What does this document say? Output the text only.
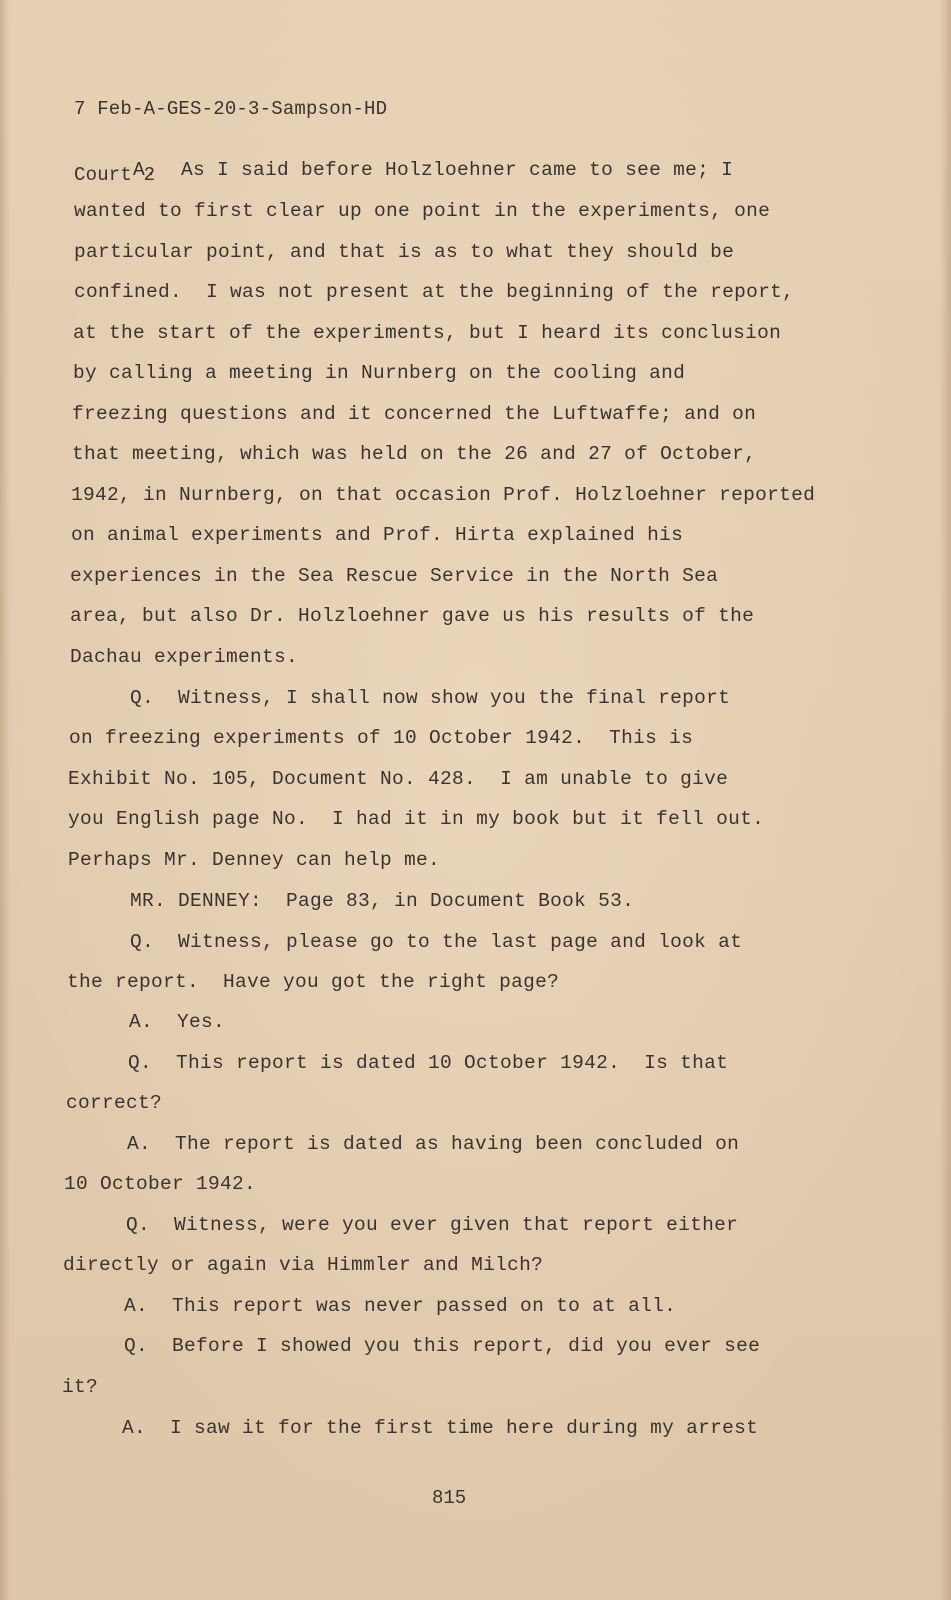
7 Feb-A-GES-20-3-Sampson-HD

Court 2

A.  As I said before Holzloehner came to see me; I
wanted to first clear up one point in the experiments, one
particular point, and that is as to what they should be
confined.  I was not present at the beginning of the report,
at the start of the experiments, but I heard its conclusion
by calling a meeting in Nurnberg on the cooling and
freezing questions and it concerned the Luftwaffe; and on
that meeting, which was held on the 26 and 27 of October,
1942, in Nurnberg, on that occasion Prof. Holzloehner reported
on animal experiments and Prof. Hirta explained his
experiences in the Sea Rescue Service in the North Sea
area, but also Dr. Holzloehner gave us his results of the
Dachau experiments.
Q.  Witness, I shall now show you the final report
on freezing experiments of 10 October 1942.  This is
Exhibit No. 105, Document No. 428.  I am unable to give
you English page No.  I had it in my book but it fell out.
Perhaps Mr. Denney can help me.
MR. DENNEY:  Page 83, in Document Book 53.
Q.  Witness, please go to the last page and look at
the report.  Have you got the right page?
A.  Yes.
Q.  This report is dated 10 October 1942.  Is that
correct?
A.  The report is dated as having been concluded on
10 October 1942.
Q.  Witness, were you ever given that report either
directly or again via Himmler and Milch?
A.  This report was never passed on to at all.
Q.  Before I showed you this report, did you ever see
it?
A.  I saw it for the first time here during my arrest
815
